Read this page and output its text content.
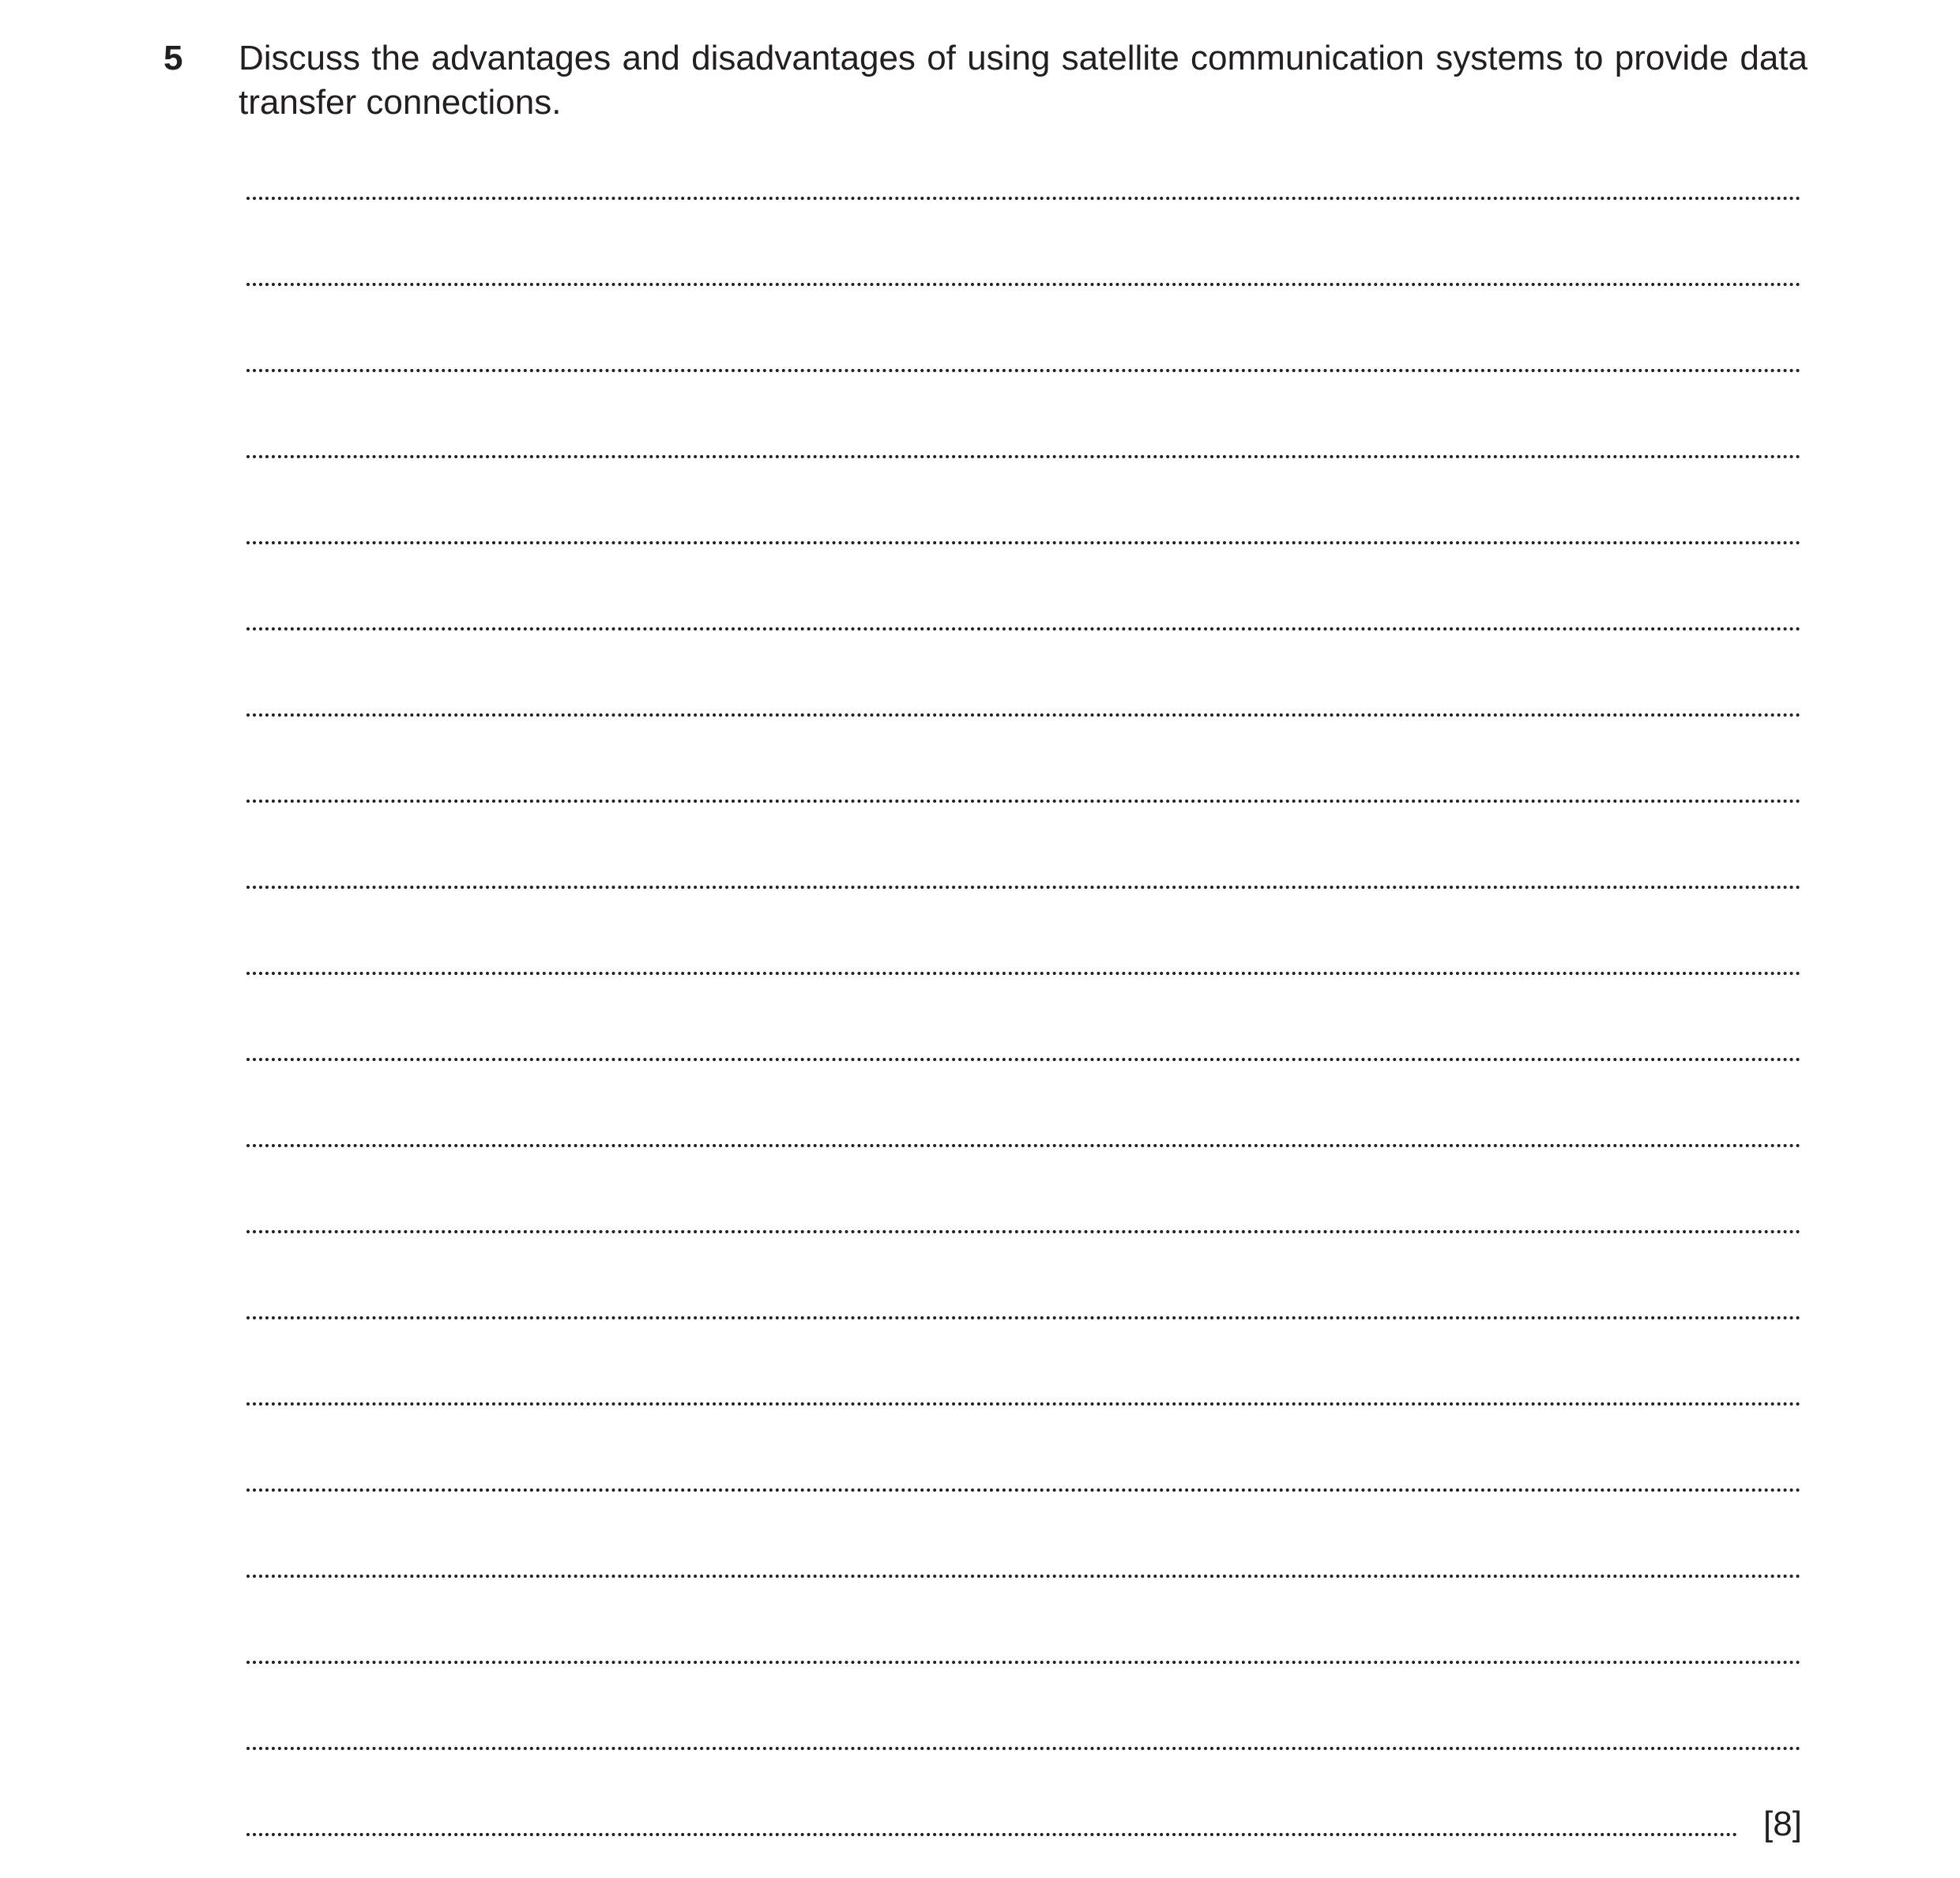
5 Discuss the advantages and disadvantages of using satellite communication systems to provide data transfer connections.
[8]
